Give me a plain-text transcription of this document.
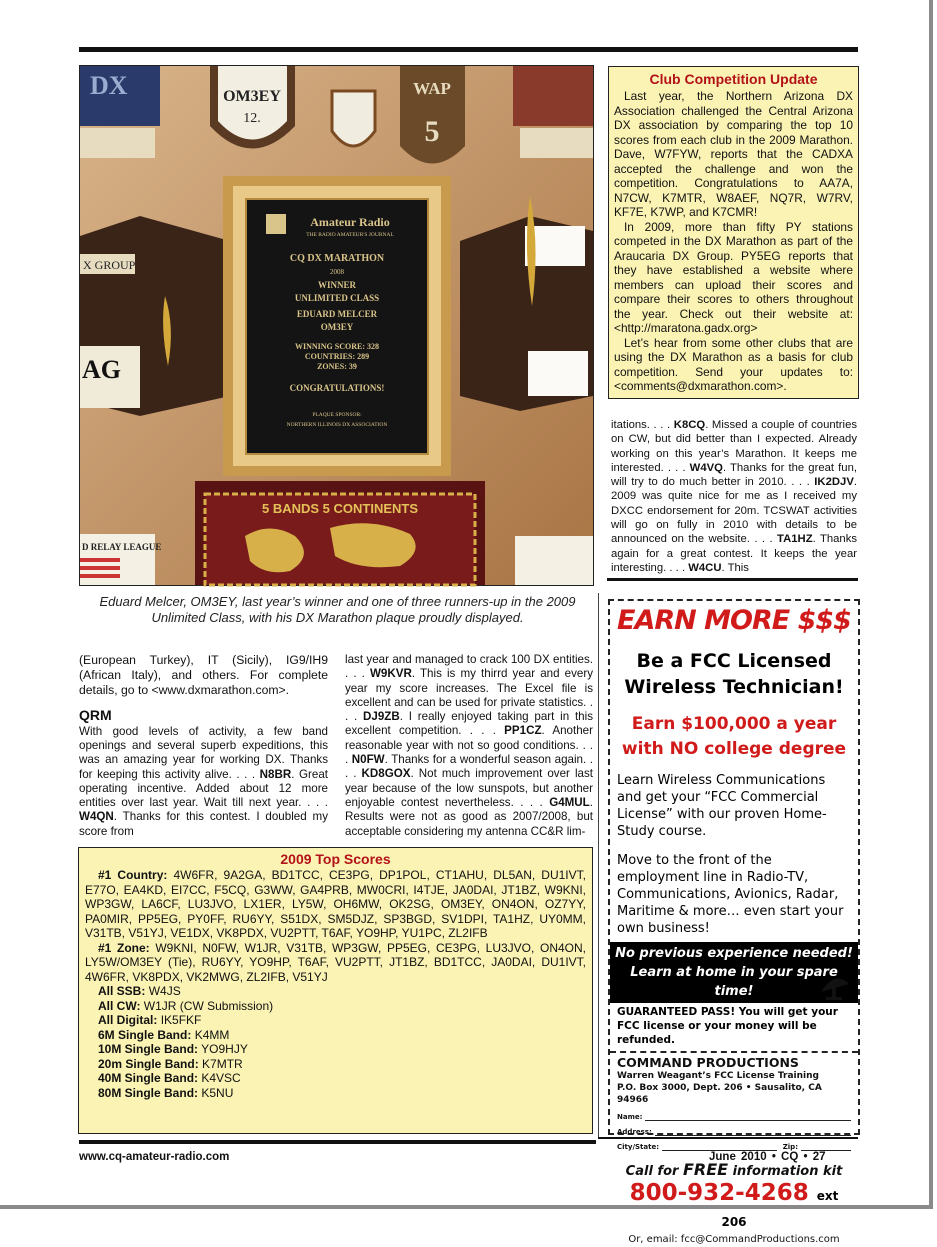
DX	OM3EY
12.
WAP
5
X GROUP
AG
Amateur Radio
THE RADIO AMATEUR'S JOURNAL
CQ DX MARATHON
2008
WINNER
UNLIMITED CLASS
EDUARD MELCER
OM3EY
WINNING SCORE: 328
COUNTRIES: 289
ZONES: 39
CONGRATULATIONS!
PLAQUE SPONSOR:
NORTHERN ILLINOIS DX ASSOCIATION
5 BANDS 5 CONTINENTS
D RELAY LEAGUE
Eduard Melcer, OM3EY, last year’s winner and one of three runners-up in the 2009 Unlimited Class, with his DX Marathon plaque proudly displayed.
Club Competition Update

Last year, the Northern Arizona DX Association challenged the Central Arizona DX association by comparing the top 10 scores from each club in the 2009 Marathon. Dave, W7FYW, reports that the CADXA accepted the challenge and won the competition. Congratulations to AA7A, N7CW, K7MTR, W8AEF, NQ7R, W7RV, KF7E, K7WP, and K7CMR!

In 2009, more than fifty PY stations competed in the DX Marathon as part of the Araucaria DX Group. PY5EG reports that they have established a website where members can upload their scores and compare their scores to others throughout the year. Check out their website at: <http://maratona.gadx.org>

Let’s hear from some other clubs that are using the DX Marathon as a basis for club competition. Send your updates to: <comments@dxmarathon.com>.

itations. . . . K8CQ. Missed a couple of countries on CW, but did better than I expected. Already working on this year’s Marathon. It keeps me interested. . . . W4VQ. Thanks for the great fun, will try to do much better in 2010. . . . IK2DJV. 2009 was quite nice for me as I received my DXCC endorsement for 20m. TCSWAT activities will go on fully in 2010 with details to be announced on the website. . . . TA1HZ. Thanks again for a great contest. It keeps the year interesting. . . . W4CU. This

(European Turkey), IT (Sicily), IG9/IH9 (African Italy), and others. For complete details, go to <www.dxmarathon.com>.

QRM

With good levels of activity, a few band openings and several superb expeditions, this was an amazing year for working DX. Thanks for keeping this activity alive. . . . N8BR. Great operating incentive. Added about 12 more entities over last year. Wait till next year. . . . W4QN. Thanks for this contest. I doubled my score from

last year and managed to crack 100 DX entities. . . . W9KVR. This is my thirrd year and every year my score increases. The Excel file is excellent and can be used for private statistics. . . . DJ9ZB. I really enjoyed taking part in this excellent competition. . . . PP1CZ. Another reasonable year with not so good conditions. . . . N0FW. Thanks for a wonderful season again. . . . KD8GOX. Not much improvement over last year because of the low sunspots, but another enjoyable contest nevertheless. . . . G4MUL. Results were not as good as 2007/2008, but acceptable considering my antenna CC&R lim-

2009 Top Scores

#1 Country: 4W6FR, 9A2GA, BD1TCC, CE3PG, DP1POL, CT1AHU, DL5AN, DU1IVT, E77O, EA4KD, EI7CC, F5CQ, G3WW, GA4PRB, MW0CRI, I4TJE, JA0DAI, JT1BZ, W9KNI, WP3GW, LA6CF, LU3JVO, LX1ER, LY5W, OH6MW, OK2SG, OM3EY, ON4ON, OZ7YY, PA0MIR, PP5EG, PY0FF, RU6YY, S51DX, SM5DJZ, SP3BGD, SV1DPI, TA1HZ, UY0MM, V31TB, V51YJ, VE1DX, VK8PDX, VU2PTT, T6AF, YO9HP, YU1PC, ZL2IFB

#1 Zone: W9KNI, N0FW, W1JR, V31TB, WP3GW, PP5EG, CE3PG, LU3JVO, ON4ON, LY5W/OM3EY (Tie), RU6YY, YO9HP, T6AF, VU2PTT, JT1BZ, BD1TCC, JA0DAI, DU1IVT, 4W6FR, VK8PDX, VK2MWG, ZL2IFB, V51YJ

All SSB: W4JS
All CW: W1JR (CW Submission)
All Digital: IK5FKF
6M Single Band: K4MM
10M Single Band: YO9HJY
20m Single Band: K7MTR
40M Single Band: K4VSC
80M Single Band: K5NU
EARN MORE $$$
Be a FCC Licensed
Wireless Technician!
Earn $100,000 a year
with NO college degree
Learn Wireless Communications and get your “FCC Commercial License” with our proven Home-Study course.
Move to the front of the employment line in Radio-TV, Communications, Avionics, Radar, Maritime & more… even start your own business!
No previous experience needed!
Learn at home in your spare time!
GUARANTEED PASS! You will get your FCC license or your money will be refunded.
COMMAND PRODUCTIONS
Warren Weagant’s FCC License Training
P.O. Box 3000, Dept. 206 • Sausalito, CA 94966
Name:
Address:
City/State:	Zip:
Call for FREE information kit
800-932-4268 ext 206
Or, email: fcc@CommandProductions.com
www.cq-amateur-radio.com	June 2010 • CQ • 27
